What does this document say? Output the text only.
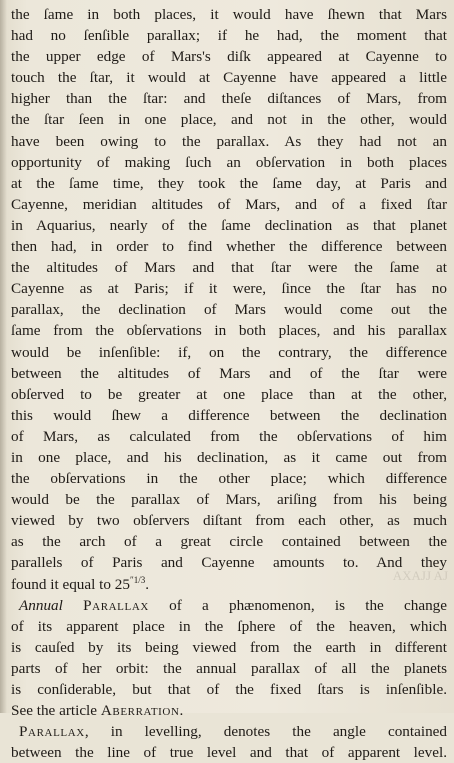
the ſame in both places, it would have ſhewn that Mars
had no ſenſible parallax; if he had, the moment that
the upper edge of Mars's diſk appeared at Cayenne to
touch the ſtar, it would at Cayenne have appeared a little
higher than the ſtar: and theſe diſtances of Mars, from
the ſtar ſeen in one place, and not in the other, would
have been owing to the parallax. As they had not an
opportunity of making ſuch an obſervation in both places
at the ſame time, they took the ſame day, at Paris and
Cayenne, meridian altitudes of Mars, and of a fixed ſtar
in Aquarius, nearly of the ſame declination as that planet
then had, in order to find whether the difference between
the altitudes of Mars and that ſtar were the ſame at
Cayenne as at Paris; if it were, ſince the ſtar has no
parallax, the declination of Mars would come out the
ſame from the obſervations in both places, and his parallax
would be inſenſible: if, on the contrary, the difference
between the altitudes of Mars and of the ſtar were
obſerved to be greater at one place than at the other,
this would ſhew a difference between the declination
of Mars, as calculated from the obſervations of him
in one place, and his declination, as it came out from
the obſervations in the other place; which difference
would be the parallax of Mars, ariſing from his being
viewed by two obſervers diſtant from each other, as much
as the arch of a great circle contained between the
parallels of Paris and Cayenne amounts to. And they
found it equal to $25^{''1/3}$.
Annual Parallax of a phænomenon, is the change
of its apparent place in the ſphere of the heaven, which
is cauſed by its being viewed from the earth in different
parts of her orbit: the annual parallax of all the planets
is conſiderable, but that of the fixed ſtars is inſenſible.
See the article Aberration.
Parallax, in levelling, denotes the angle contained
between the line of true level and that of apparent level.
AXAJJ AJ
